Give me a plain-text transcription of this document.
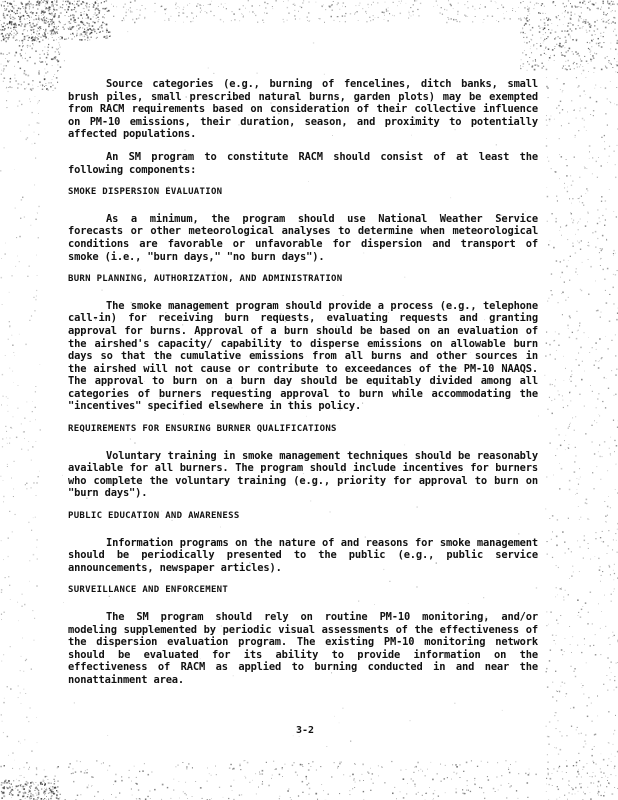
Source categories (e.g., burning of fencelines, ditch banks, small brush piles, small prescribed natural burns, garden plots) may be exempted from RACM requirements based on consideration of their collective influence on PM-10 emissions, their duration, season, and proximity to potentially affected populations.

An SM program to constitute RACM should consist of at least the following components:

SMOKE DISPERSION EVALUATION

As a minimum, the program should use National Weather Service forecasts or other meteorological analyses to determine when meteorological conditions are favorable or unfavorable for dispersion and transport of smoke (i.e., "burn days," "no burn days").

BURN PLANNING, AUTHORIZATION, AND ADMINISTRATION

The smoke management program should provide a process (e.g., telephone call-in) for receiving burn requests, evaluating requests and granting approval for burns. Approval of a burn should be based on an evaluation of the airshed's capacity/ capability to disperse emissions on allowable burn days so that the cumulative emissions from all burns and other sources in the airshed will not cause or contribute to exceedances of the PM-10 NAAQS. The approval to burn on a burn day should be equitably divided among all categories of burners requesting approval to burn while accommodating the "incentives" specified elsewhere in this policy.

REQUIREMENTS FOR ENSURING BURNER QUALIFICATIONS

Voluntary training in smoke management techniques should be reasonably available for all burners. The program should include incentives for burners who complete the voluntary training (e.g., priority for approval to burn on "burn days").

PUBLIC EDUCATION AND AWARENESS

Information programs on the nature of and reasons for smoke management should be periodically presented to the public (e.g., public service announcements, newspaper articles).

SURVEILLANCE AND ENFORCEMENT

The SM program should rely on routine PM-10 monitoring, and/or modeling supplemented by periodic visual assessments of the effectiveness of the dispersion evaluation program. The existing PM-10 monitoring network should be evaluated for its ability to provide information on the effectiveness of RACM as applied to burning conducted in and near the nonattainment area.

3-2
